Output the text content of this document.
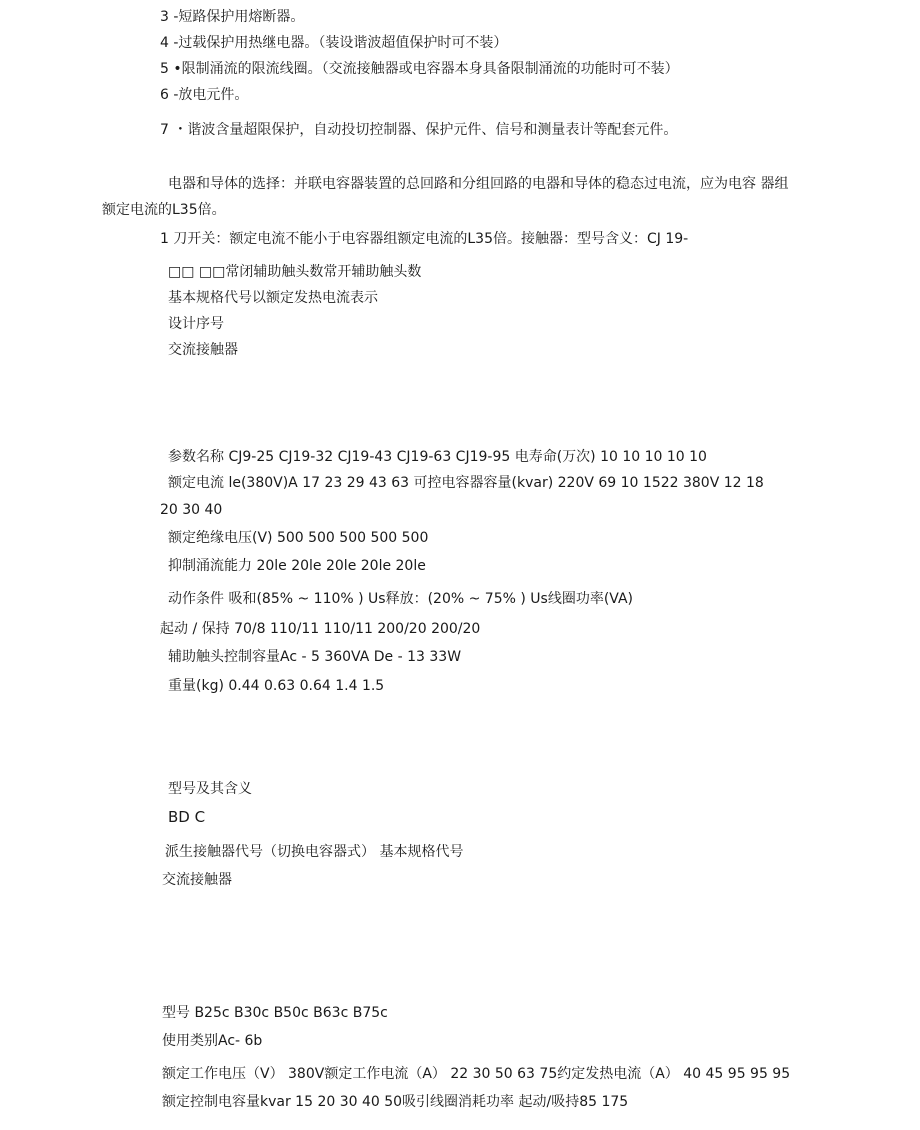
3 -短路保护用熔断器。
4 -过载保护用热继电器。（装设谐波超值保护时可不装）
5 •限制涌流的限流线圈。（交流接触器或电容器本身具备限制涌流的功能时可不装）
6 -放电元件。
7 ・谐波含量超限保护，自动投切控制器、保护元件、信号和测量表计等配套元件。
电器和导体的选择：并联电容器装置的总回路和分组回路的电器和导体的稳态过电流，应为电容 器组
额定电流的L35倍。
1 刀开关：额定电流不能小于电容器组额定电流的L35倍。接触器：型号含义：CJ 19-
□□ □□常闭辅助触头数常开辅助触头数
基本规格代号以额定发热电流表示
设计序号
交流接触器
参数名称 CJ9-25 CJ19-32 CJ19-43 CJ19-63 CJ19-95 电寿命(万次) 10 10 10 10 10
额定电流 le(380V)A 17 23 29 43 63 可控电容器容量(kvar) 220V 69 10 1522 380V 12 18
20 30 40
额定绝缘电压(V) 500 500 500 500 500
抑制涌流能力 20le 20le 20le 20le 20le
动作条件 吸和(85% ~ 110% ) Us释放：(20% ~ 75% ) Us线圈功率(VA)
起动 / 保持 70/8 110/11 110/11 200/20 200/20
辅助触头控制容量Ac - 5 360VA De - 13 33W
重量(kg) 0.44 0.63 0.64 1.4 1.5
型号及其含义
BD C
派生接触器代号（切换电容器式） 基本规格代号
交流接触器
型号 B25c B30c B50c B63c B75c
使用类别Ac- 6b
额定工作电压（V） 380V额定工作电流（A） 22 30 50 63 75约定发热电流（A） 40 45 95 95 95
额定控制电容量kvar 15 20 30 40 50吸引线圈消耗功率 起动/吸持85 175
